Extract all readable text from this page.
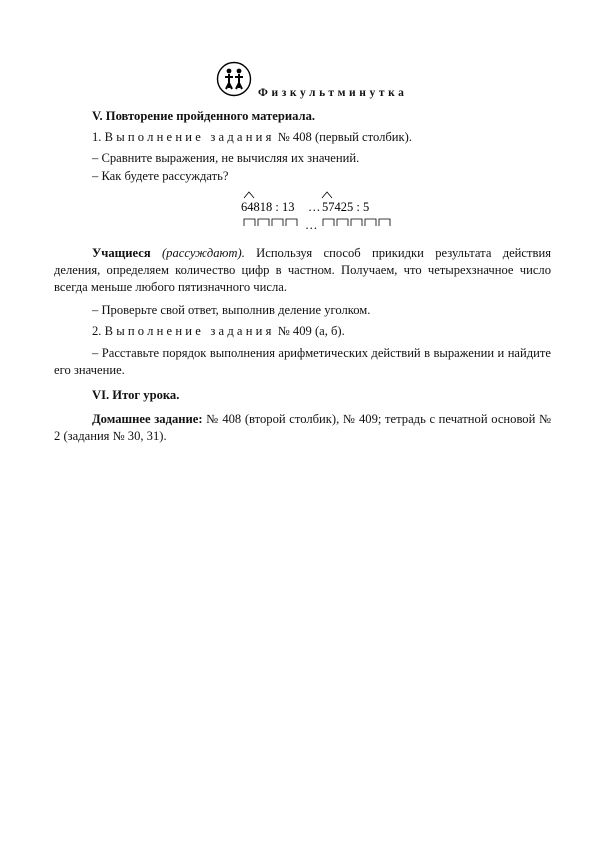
Физкультминутка
V. Повторение пройденного материала.
1. Выполнение задания № 408 (первый столбик).
– Сравните выражения, не вычисляя их значений.
– Как будете рассуждать?
64818 : 13 … 57425 : 5
…
Учащиеся (рассуждают). Используя способ прикидки результата действия деления, определяем количество цифр в частном. Получаем, что четырехзначное число всегда меньше любого пятизначного числа.
– Проверьте свой ответ, выполнив деление уголком.
2. Выполнение задания № 409 (а, б).
– Расставьте порядок выполнения арифметических действий в выражении и найдите его значение.
VI. Итог урока.
Домашнее задание: № 408 (второй столбик), № 409; тетрадь с печатной основой № 2 (задания № 30, 31).
